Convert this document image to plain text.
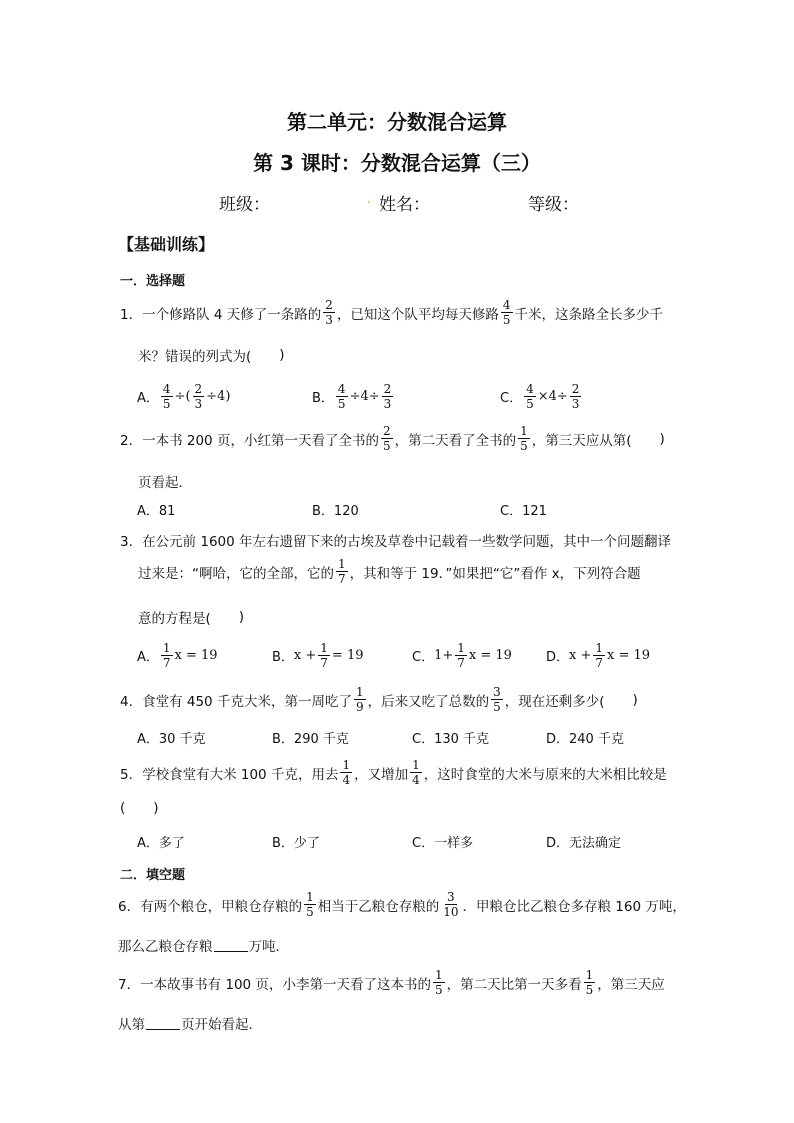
第二单元：分数混合运算
第 3 课时：分数混合运算（三）
班级：	. 姓名：	等级：
【基础训练】
一．选择题
1．一个修路队 4 天修了一条路的 $\frac{2}{3}$ ，已知这个队平均每天修路 $\frac{4}{5}$ 千米，这条路全长多少千
米？错误的列式为( )
A． $\frac{4}{5}$ ÷( $\frac{2}{3} \div 4$)	B． $\frac{4}{5} \div 4\div \frac{2}{3}$	C． $\frac{4}{5} \times 4\div \frac{2}{3}$
2．一本书 200 页，小红第一天看了全书的 $\frac{2}{5}$ ，第二天看了全书的 $\frac{1}{5}$ ，第三天应从第( )
页看起．
A．81	B．120	C．121
3．在公元前 1600 年左右遗留下来的古埃及草卷中记载着一些数学问题，其中一个问题翻译
过来是：“啊哈，它的全部，它的 $\frac{1}{7}$ ，其和等于 19．”如果把“它”看作 x，下列符合题
意的方程是( )
A． $\frac{1}{7}$ x = 19	B． $x + \frac{1}{7} = 19$	C． $1+ \frac{1}{7}$ x = 19	D． $x + \frac{1}{7}$ x = 19
4．食堂有 450 千克大米，第一周吃了 $\frac{1}{9}$ ，后来又吃了总数的 $\frac{3}{5}$ ，现在还剩多少( )
A．30 千克	B．290 千克	C．130 千克	D．240 千克
5．学校食堂有大米 100 千克，用去 $\frac{1}{4}$ ，又增加 $\frac{1}{4}$ ，这时食堂的大米与原来的大米相比较是
( )
A．多了	B．少了	C．一样多	D．无法确定
二．填空题
6．有两个粮仓，甲粮仓存粮的 $\frac{1}{5}$ 相当于乙粮仓存粮的 $\frac{3}{10}$ ．甲粮仓比乙粮仓多存粮 160 万吨，
那么乙粮仓存粮	万吨．
7．一本故事书有 100 页，小李第一天看了这本书的 $\frac{1}{5}$ ，第二天比第一天多看 $\frac{1}{5}$ ，第三天应
从第	页开始看起．
